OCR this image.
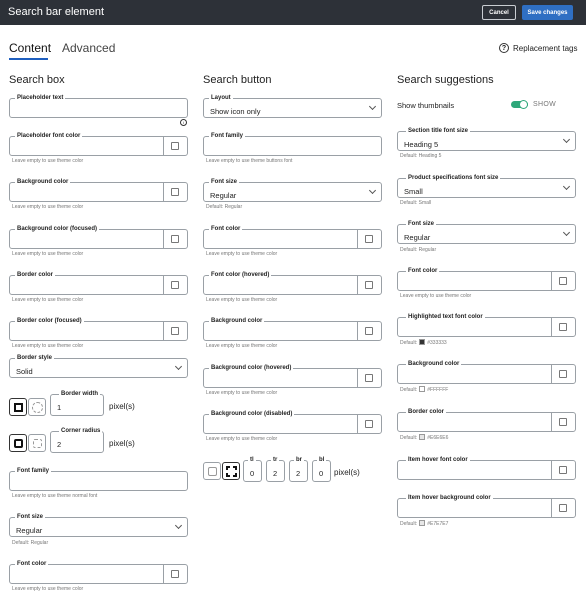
Search bar element	Cancel	Save changes
Content Advanced	? Replacement tags
Search box
Placeholder text
i
Placeholder font color
Leave empty to use theme color
Background color
Leave empty to use theme color
Background color (focused)
Leave empty to use theme color
Border color
Leave empty to use theme color
Border color (focused)
Leave empty to use theme color
Border style
Solid
Border width
1	pixel(s)
Corner radius
2	pixel(s)
Font family
Leave empty to use theme normal font
Font size
Regular
Default: Regular
Font color
Leave empty to use theme color
Search button
Layout
Show icon only
Font family
Leave empty to use theme buttons font
Font size
Regular
Default: Regular
Font color
Leave empty to use theme color
Font color (hovered)
Leave empty to use theme color
Background color
Leave empty to use theme color
Background color (hovered)
Leave empty to use theme color
Background color (disabled)
Leave empty to use theme color
tl
0
tr
2
br
2
bl
0 pixel(s)
Search suggestions
Show thumbnails	SHOW
Section title font size
Heading 5
Default: Heading 5
Product specifications font size
Small
Default: Small
Font size
Regular
Default: Regular
Font color
Leave empty to use theme color
Highlighted text font color
Default: #333333
Background color
Default: #FFFFFF
Border color
Default: #E6E6E6
Item hover font color
Item hover background color
Default: #E7E7E7
